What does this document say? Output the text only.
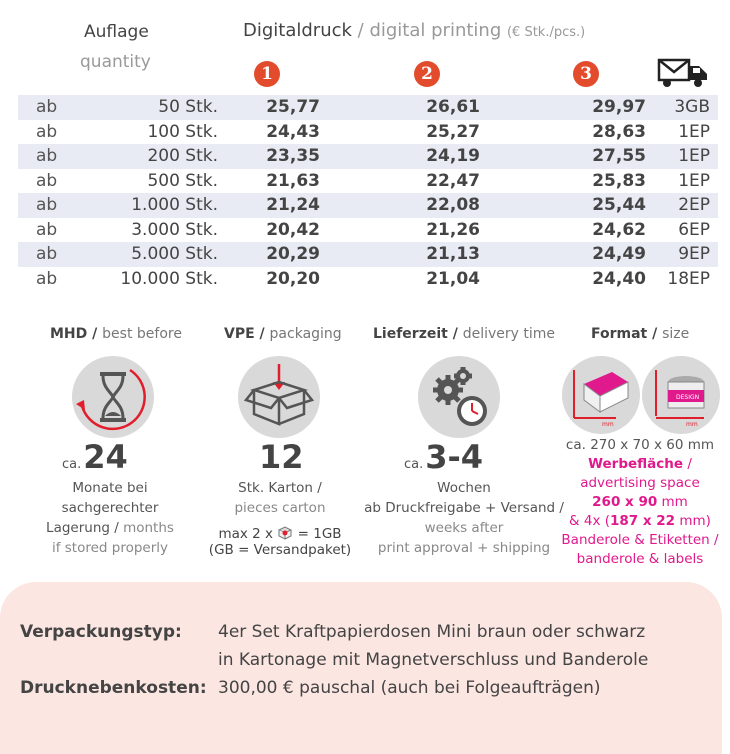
Auflage
quantity
Digitaldruck / digital printing (€ Stk./pcs.)
1	2	3
ab	50 Stk.	25,77	26,61	29,97	3GB
ab	100 Stk.	24,43	25,27	28,63	1EP
ab	200 Stk.	23,35	24,19	27,55	1EP
ab	500 Stk.	21,63	22,47	25,83	1EP
ab	1.000 Stk.	21,24	22,08	25,44	2EP
ab	3.000 Stk.	20,42	21,26	24,62	6EP
ab	5.000 Stk.	20,29	21,13	24,49	9EP
ab	10.000 Stk.	20,20	21,04	24,40	18EP
MHD / best before	VPE / packaging Lieferzeit / delivery time	Format / size
ca.24
Monate bei
sachgerechter
Lagerung / months
if stored properly
12
Stk. Karton /
pieces carton
max 2 x = 1GB
(GB = Versandpaket)
ca.3-4
Wochen
ab Druckfreigabe + Versand /
weeks after
print approval + shipping
mm
DESIGN
mm
ca. 270 x 70 x 60 mm
Werbefläche /
advertising space
260 x 90 mm
& 4x (187 x 22 mm)
Banderole & Etiketten /
banderole & labels
Verpackungstyp: 4er Set Kraftpapierdosen Mini braun oder schwarz
in Kartonage mit Magnetverschluss und Banderole
Drucknebenkosten: 300,00 € pauschal (auch bei Folgeaufträgen)
